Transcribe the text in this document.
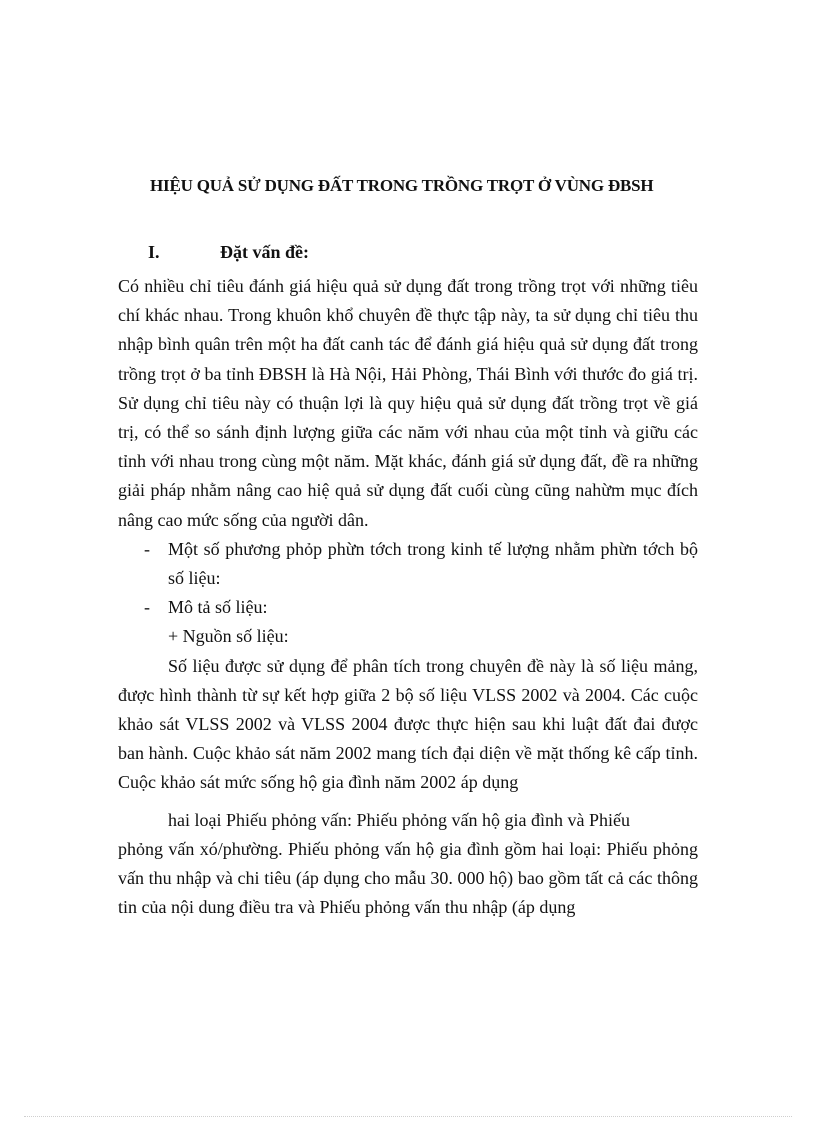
HIỆU QUẢ SỬ DỤNG ĐẤT TRONG TRỒNG TRỌT Ở VÙNG ĐBSH
I.	Đặt vấn đề:

Có nhiều chỉ tiêu đánh giá hiệu quả sử dụng đất trong trồng trọt với những tiêu chí khác nhau. Trong khuôn khổ chuyên đề thực tập này, ta sử dụng chỉ tiêu thu nhập bình quân trên một ha đất canh tác để đánh giá hiệu quả sử dụng đất trong trồng trọt ở ba tỉnh ĐBSH là Hà Nội, Hải Phòng, Thái Bình với thước đo giá trị. Sử dụng chỉ tiêu này có thuận lợi là quy hiệu quả sử dụng đất trồng trọt về giá trị, có thể so sánh định lượng giữa các năm với nhau của một tỉnh và giữu các tỉnh với nhau trong cùng một năm. Mặt khác, đánh giá sử dụng đất, đề ra những giải pháp nhằm nâng cao hiệ quả sử dụng đất cuối cùng cũng nahừm mục đích nâng cao mức sống của người dân.

- Một số phương phỏp phừn tớch trong kinh tế lượng nhằm phừn tớch bộ số liệu:

- Mô tả số liệu:

+ Nguồn số liệu:

Số liệu được sử dụng để phân tích trong chuyên đề này là số liệu mảng, được hình thành từ sự kết hợp giữa 2 bộ số liệu VLSS 2002 và 2004. Các cuộc khảo sát VLSS 2002 và VLSS 2004 được thực hiện sau khi luật đất đai được ban hành. Cuộc khảo sát năm 2002 mang tích đại diện về mặt thống kê cấp tỉnh. Cuộc khảo sát mức sống hộ gia đình năm 2002 áp dụng

hai loại Phiếu phỏng vấn: Phiếu phỏng vấn hộ gia đình và Phiếu

phỏng vấn xó/phường. Phiếu phỏng vấn hộ gia đình gồm hai loại: Phiếu phỏng vấn thu nhập và chi tiêu (áp dụng cho mẫu 30. 000 hộ) bao gồm tất cả các thông tin của nội dung điều tra và Phiếu phỏng vấn thu nhập (áp dụng
